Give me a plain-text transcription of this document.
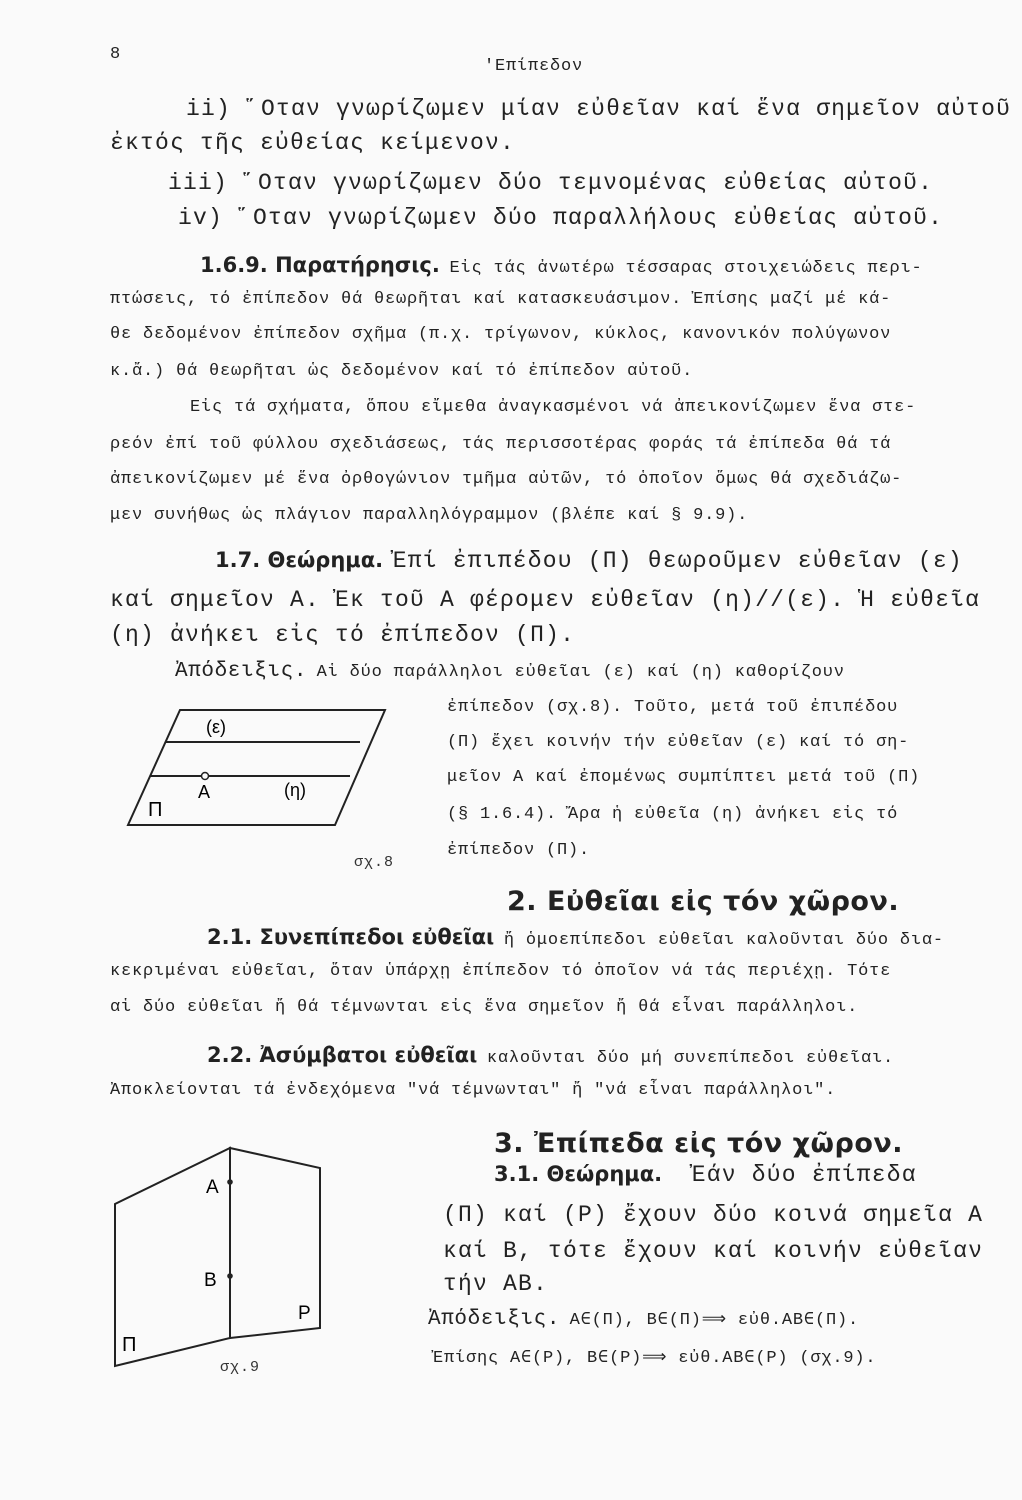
8
'Επίπεδον
ii) ῞Οταν γνωρίζωμεν μίαν εὐθεῖαν καί ἕνα σημεῖον αὐτοῦ
ἐκτός τῆς εὐθείας κείμενον.
iii) ῞Οταν γνωρίζωμεν δύο τεμνομένας εὐθείας αὐτοῦ.
iv) ῞Οταν γνωρίζωμεν δύο παραλλήλους εὐθείας αὐτοῦ.
1.6.9. Παρατήρησις. Εἰς τάς ἀνωτέρω τέσσαρας στοιχειώδεις περι-
πτώσεις, τό ἐπίπεδον θά θεωρῆται καί κατασκευάσιμον. Ἐπίσης μαζί μέ κά-
θε δεδομένον ἐπίπεδον σχῆμα (π.χ. τρίγωνον, κύκλος, κανονικόν πολύγωνον
κ.ἄ.) θά θεωρῆται ὡς δεδομένον καί τό ἐπίπεδον αὐτοῦ.
Εἰς τά σχήματα, ὅπου εἴμεθα ἀναγκασμένοι νά ἀπεικονίζωμεν ἕνα στε-
ρεόν ἐπί τοῦ φύλλου σχεδιάσεως, τάς περισσοτέρας φοράς τά ἐπίπεδα θά τά
ἀπεικονίζωμεν μέ ἕνα ὀρθογώνιον τμῆμα αὐτῶν, τό ὁποῖον ὅμως θά σχεδιάζω-
μεν συνήθως ὡς πλάγιον παραλληλόγραμμον (βλέπε καί § 9.9).
1.7. Θεώρημα. Ἐπί ἐπιπέδου (Π) θεωροῦμεν εὐθεῖαν (ε)
καί σημεῖον Α. Ἐκ τοῦ Α φέρομεν εὐθεῖαν (η)//(ε). Ἡ εὐθεῖα
(η) ἀνήκει εἰς τό ἐπίπεδον (Π).
Ἀπόδειξις. Αἱ δύο παράλληλοι εὐθεῖαι (ε) καί (η) καθορίζουν
ἐπίπεδον (σχ.8). Τοῦτο, μετά τοῦ ἐπιπέδου
(Π) ἔχει κοινήν τήν εὐθεῖαν (ε) καί τό ση-
μεῖον Α καί ἐπομένως συμπίπτει μετά τοῦ (Π)
(§ 1.6.4). Ἄρα ἡ εὐθεῖα (η) ἀνήκει εἰς τό
ἐπίπεδον (Π).
(ε)
Α	(η)
Π
σχ.8
2. Εὐθεῖαι εἰς τόν χῶρον.
2.1. Συνεπίπεδοι εὐθεῖαι ἤ ὁμοεπίπεδοι εὐθεῖαι καλοῦνται δύο δια-
κεκριμέναι εὐθεῖαι, ὅταν ὑπάρχῃ ἐπίπεδον τό ὁποῖον νά τάς περιέχῃ. Τότε
αἱ δύο εὐθεῖαι ἤ θά τέμνωνται εἰς ἕνα σημεῖον ἤ θά εἶναι παράλληλοι.
2.2. Ἀσύμβατοι εὐθεῖαι καλοῦνται δύο μή συνεπίπεδοι εὐθεῖαι.
Ἀποκλείονται τά ἐνδεχόμενα "νά τέμνωνται" ἤ "νά εἶναι παράλληλοι".
3. Ἐπίπεδα εἰς τόν χῶρον.
3.1. Θεώρημα. Ἐάν δύο ἐπίπεδα
(Π) καί (Ρ) ἔχουν δύο κοινά σημεῖα Α
καί Β, τότε ἔχουν καί κοινήν εὐθεῖαν
τήν ΑΒ.
Ἀπόδειξις. Α∈(Π), Β∈(Π)⟹ εὐθ.ΑΒ∈(Π).
Ἐπίσης Α∈(Ρ), Β∈(Ρ)⟹ εὐθ.ΑΒ∈(Ρ) (σχ.9).
Α
Β
Ρ
Π
σχ.9
